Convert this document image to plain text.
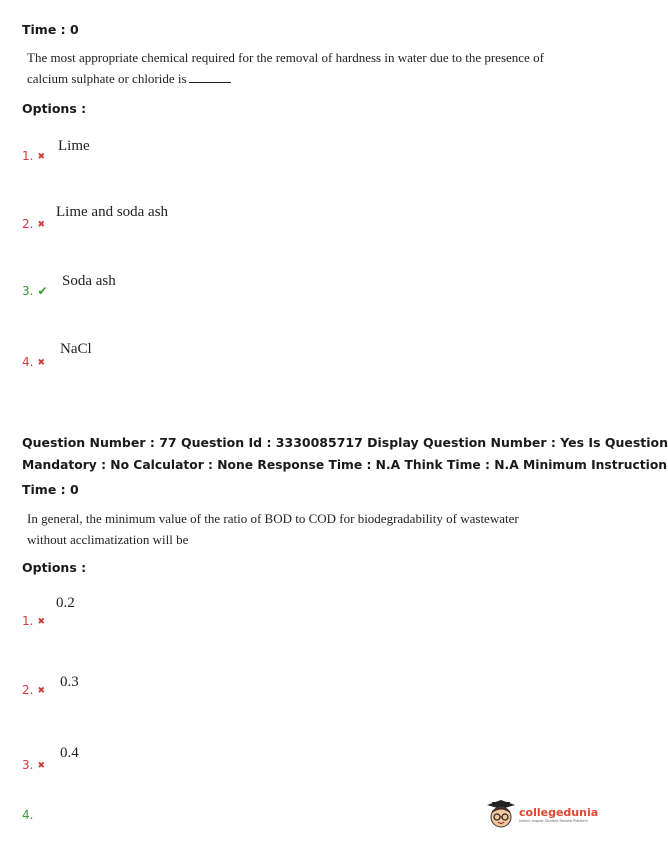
Time : 0
The most appropriate chemical required for the removal of hardness in water due to the presence of
calcium sulphate or chloride is
Options :
Lime
1. ✖
Lime and soda ash
2. ✖
Soda ash
3. ✔
NaCl
4. ✖
Question Number : 77 Question Id : 3330085717 Display Question Number : Yes Is Question
Mandatory : No Calculator : None Response Time : N.A Think Time : N.A Minimum Instruction
Time : 0
In general, the minimum value of the ratio of BOD to COD for biodegradability of wastewater
without acclimatization will be
Options :
0.2
1. ✖
0.3
2. ✖
0.4
3. ✖
4.	collegedunia
India's largest Student Review Platform
